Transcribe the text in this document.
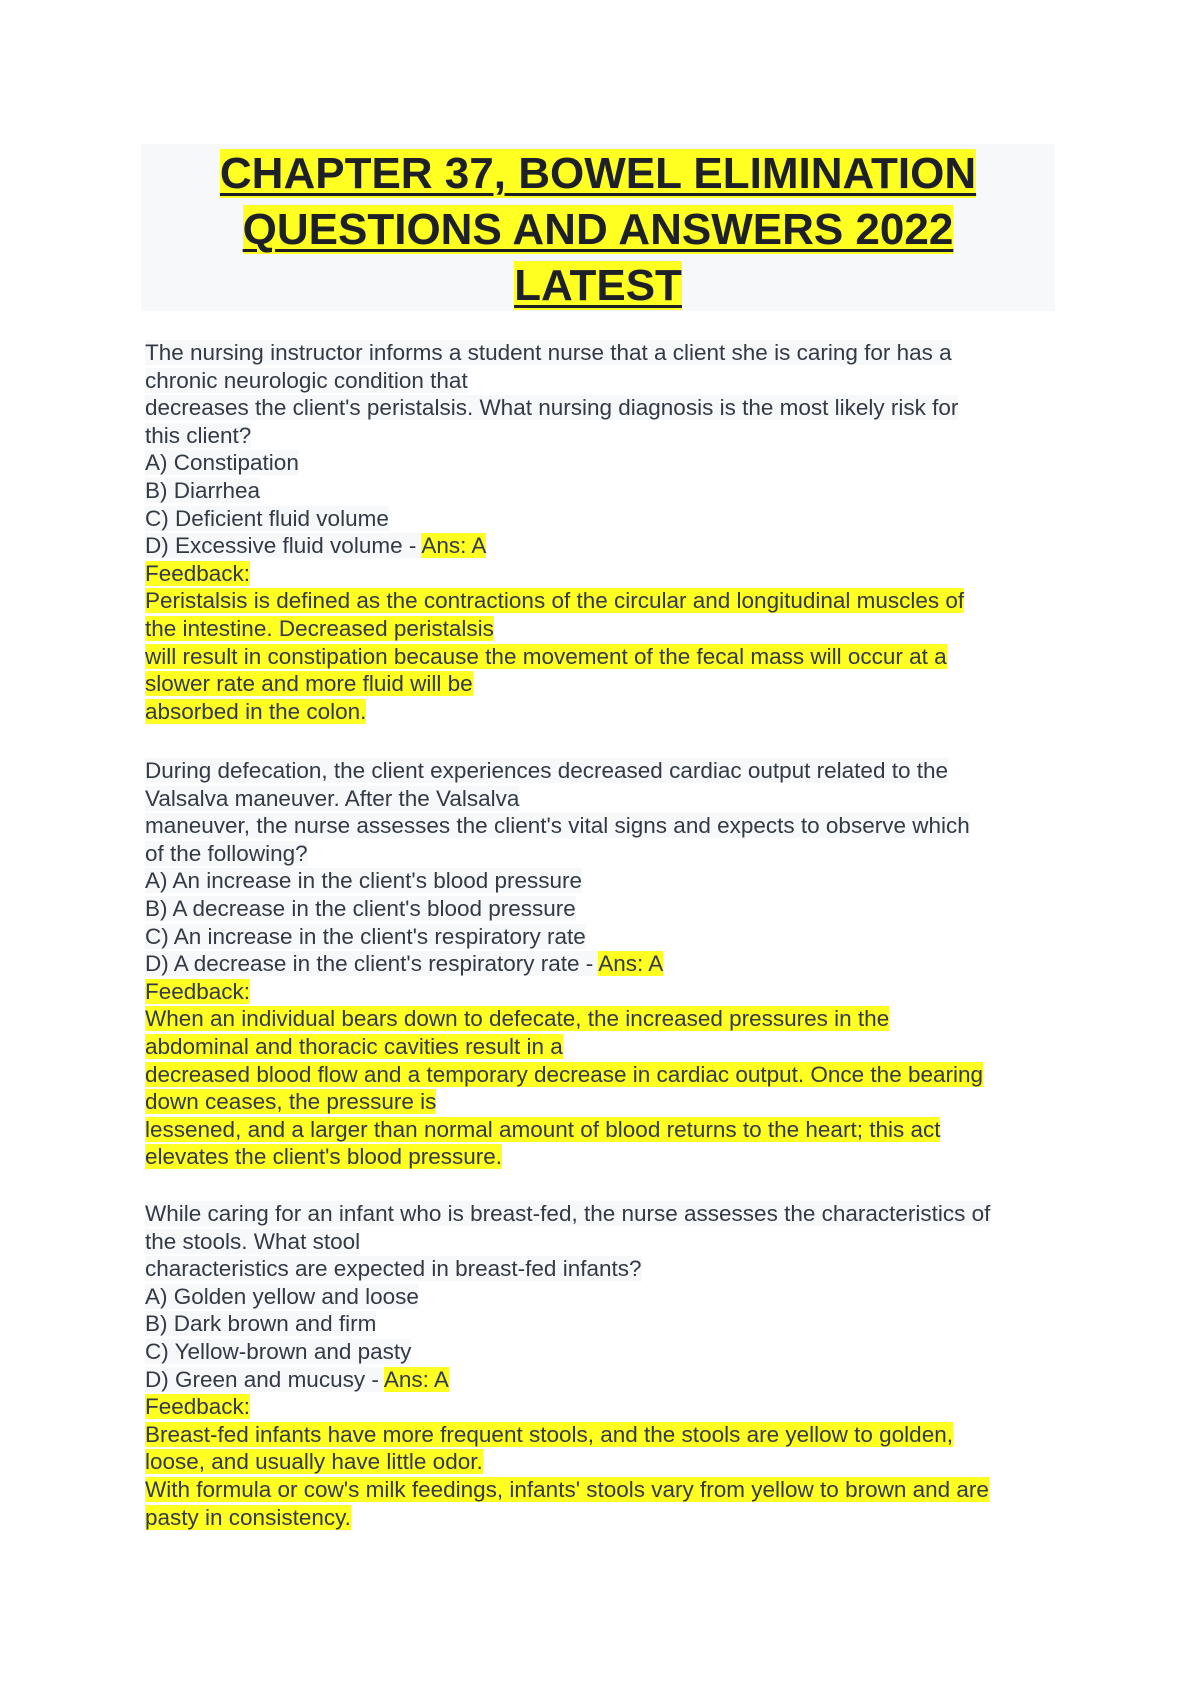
CHAPTER 37, BOWEL ELIMINATION
QUESTIONS AND ANSWERS 2022
LATEST
The nursing instructor informs a student nurse that a client she is caring for has a
chronic neurologic condition that
decreases the client's peristalsis. What nursing diagnosis is the most likely risk for
this client?
A) Constipation
B) Diarrhea
C) Deficient fluid volume
D) Excessive fluid volume - Ans: A
Feedback:
Peristalsis is defined as the contractions of the circular and longitudinal muscles of
the intestine. Decreased peristalsis
will result in constipation because the movement of the fecal mass will occur at a
slower rate and more fluid will be
absorbed in the colon.
During defecation, the client experiences decreased cardiac output related to the
Valsalva maneuver. After the Valsalva
maneuver, the nurse assesses the client's vital signs and expects to observe which
of the following?
A) An increase in the client's blood pressure
B) A decrease in the client's blood pressure
C) An increase in the client's respiratory rate
D) A decrease in the client's respiratory rate - Ans: A
Feedback:
When an individual bears down to defecate, the increased pressures in the
abdominal and thoracic cavities result in a
decreased blood flow and a temporary decrease in cardiac output. Once the bearing
down ceases, the pressure is
lessened, and a larger than normal amount of blood returns to the heart; this act
elevates the client's blood pressure.
While caring for an infant who is breast-fed, the nurse assesses the characteristics of
the stools. What stool
characteristics are expected in breast-fed infants?
A) Golden yellow and loose
B) Dark brown and firm
C) Yellow-brown and pasty
D) Green and mucusy - Ans: A
Feedback:
Breast-fed infants have more frequent stools, and the stools are yellow to golden,
loose, and usually have little odor.
With formula or cow's milk feedings, infants' stools vary from yellow to brown and are
pasty in consistency.
